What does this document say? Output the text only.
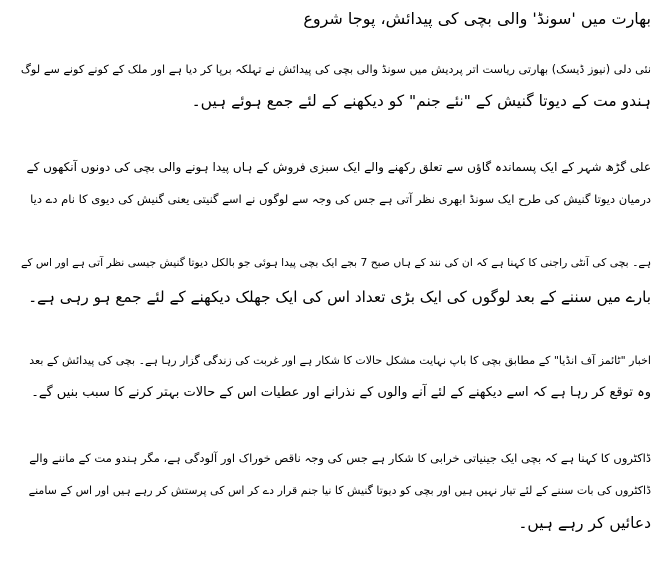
بھارت میں 'سونڈ' والی بچی کی پیدائش، پوجا شروع
نئی دلی (نیوز ڈیسک) بھارتی ریاست اتر پردیش میں سونڈ والی بچی کی پیدائش نے تہلکہ برپا کر دیا ہے اور ملک کے کونے کونے سے لوگ
ہندو مت کے دیوتا گنیش کے "نئے جنم" کو دیکھنے کے لئے جمع ہوئے ہیں۔
علی گڑھ شہر کے ایک پسماندہ گاؤں سے تعلق رکھنے والے ایک سبزی فروش کے ہاں پیدا ہونے والی بچی کی دونوں آنکھوں کے
درمیان دیوتا گنیش کی طرح ایک سونڈ ابھری نظر آتی ہے جس کی وجہ سے لوگوں نے اسے گنیتی یعنی گنیش کی دیوی کا نام دے دیا
ہے۔ بچی کی آنٹی راجنی کا کہنا ہے کہ ان کی نند کے ہاں صبح 7 بجے ایک بچی پیدا ہوئی جو بالکل دیوتا گنیش جیسی نظر آتی ہے اور اس کے
بارے میں سننے کے بعد لوگوں کی ایک بڑی تعداد اس کی ایک جھلک دیکھنے کے لئے جمع ہو رہی ہے۔
اخبار "ٹائمز آف انڈیا" کے مطابق بچی کا باپ نہایت مشکل حالات کا شکار ہے اور غربت کی زندگی گزار رہا ہے۔ بچی کی پیدائش کے بعد
وہ توقع کر رہا ہے کہ اسے دیکھنے کے لئے آنے والوں کے نذرانے اور عطیات اس کے حالات بہتر کرنے کا سبب بنیں گے۔
ڈاکٹروں کا کہنا ہے کہ بچی ایک جینیاتی خرابی کا شکار ہے جس کی وجہ ناقص خوراک اور آلودگی ہے، مگر ہندو مت کے ماننے والے
ڈاکٹروں کی بات سننے کے لئے تیار نہیں ہیں اور بچی کو دیوتا گنیش کا نیا جنم قرار دے کر اس کی پرستش کر رہے ہیں اور اس کے سامنے
دعائیں کر رہے ہیں۔
